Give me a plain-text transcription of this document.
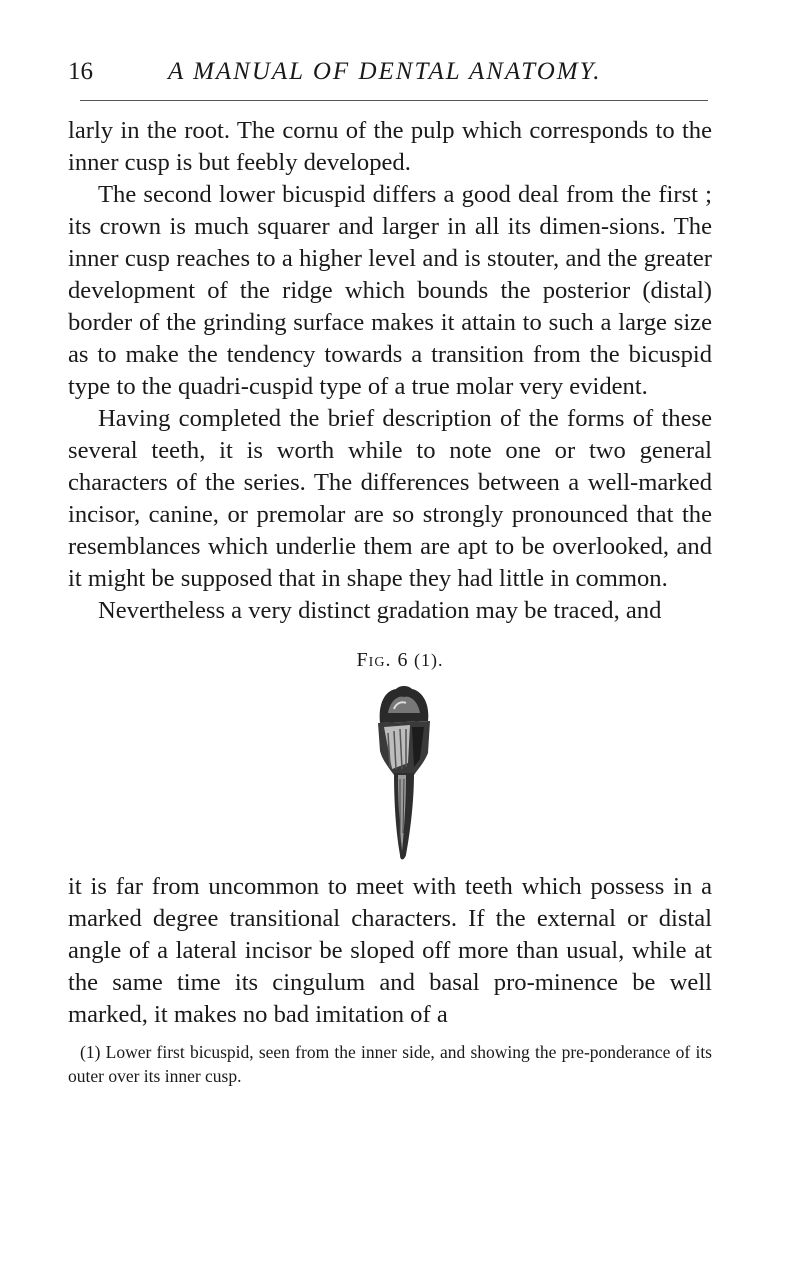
16	A MANUAL OF DENTAL ANATOMY.

larly in the root. The cornu of the pulp which corresponds to the inner cusp is but feebly developed.

The second lower bicuspid differs a good deal from the first ; its crown is much squarer and larger in all its dimen-sions. The inner cusp reaches to a higher level and is stouter, and the greater development of the ridge which bounds the posterior (distal) border of the grinding surface makes it attain to such a large size as to make the tendency towards a transition from the bicuspid type to the quadri-cuspid type of a true molar very evident.

Having completed the brief description of the forms of these several teeth, it is worth while to note one or two general characters of the series. The differences between a well-marked incisor, canine, or premolar are so strongly pronounced that the resemblances which underlie them are apt to be overlooked, and it might be supposed that in shape they had little in common.

Nevertheless a very distinct gradation may be traced, and

Fig. 6 (1).

it is far from uncommon to meet with teeth which possess in a marked degree transitional characters. If the external or distal angle of a lateral incisor be sloped off more than usual, while at the same time its cingulum and basal pro-minence be well marked, it makes no bad imitation of a

(1) Lower first bicuspid, seen from the inner side, and showing the pre-ponderance of its outer over its inner cusp.
